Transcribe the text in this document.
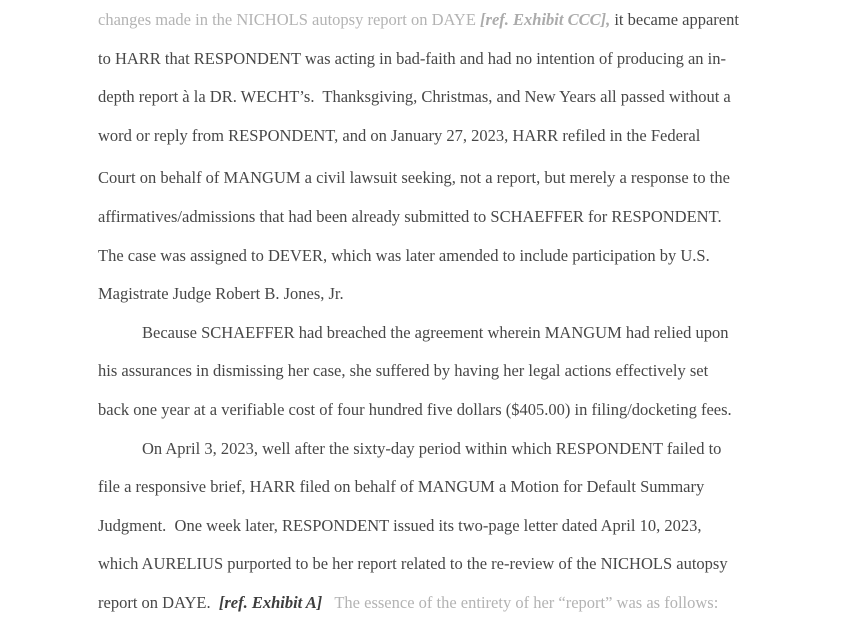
changes made in the NICHOLS autopsy report on DAYE [ref. Exhibit CCC], it became apparent
to HARR that RESPONDENT was acting in bad-faith and had no intention of producing an in-
depth report à la DR. WECHT’s.  Thanksgiving, Christmas, and New Years all passed without a
word or reply from RESPONDENT, and on January 27, 2023, HARR refiled in the Federal
Court on behalf of MANGUM a civil lawsuit seeking, not a report, but merely a response to the
affirmatives/admissions that had been already submitted to SCHAEFFER for RESPONDENT.
The case was assigned to DEVER, which was later amended to include participation by U.S.
Magistrate Judge Robert B. Jones, Jr.
Because SCHAEFFER had breached the agreement wherein MANGUM had relied upon
his assurances in dismissing her case, she suffered by having her legal actions effectively set
back one year at a verifiable cost of four hundred five dollars ($405.00) in filing/docketing fees.
On April 3, 2023, well after the sixty-day period within which RESPONDENT failed to
file a responsive brief, HARR filed on behalf of MANGUM a Motion for Default Summary
Judgment.  One week later, RESPONDENT issued its two-page letter dated April 10, 2023,
which AURELIUS purported to be her report related to the re-review of the NICHOLS autopsy
report on DAYE.  [ref. Exhibit A]   The essence of the entirety of her “report” was as follows:
